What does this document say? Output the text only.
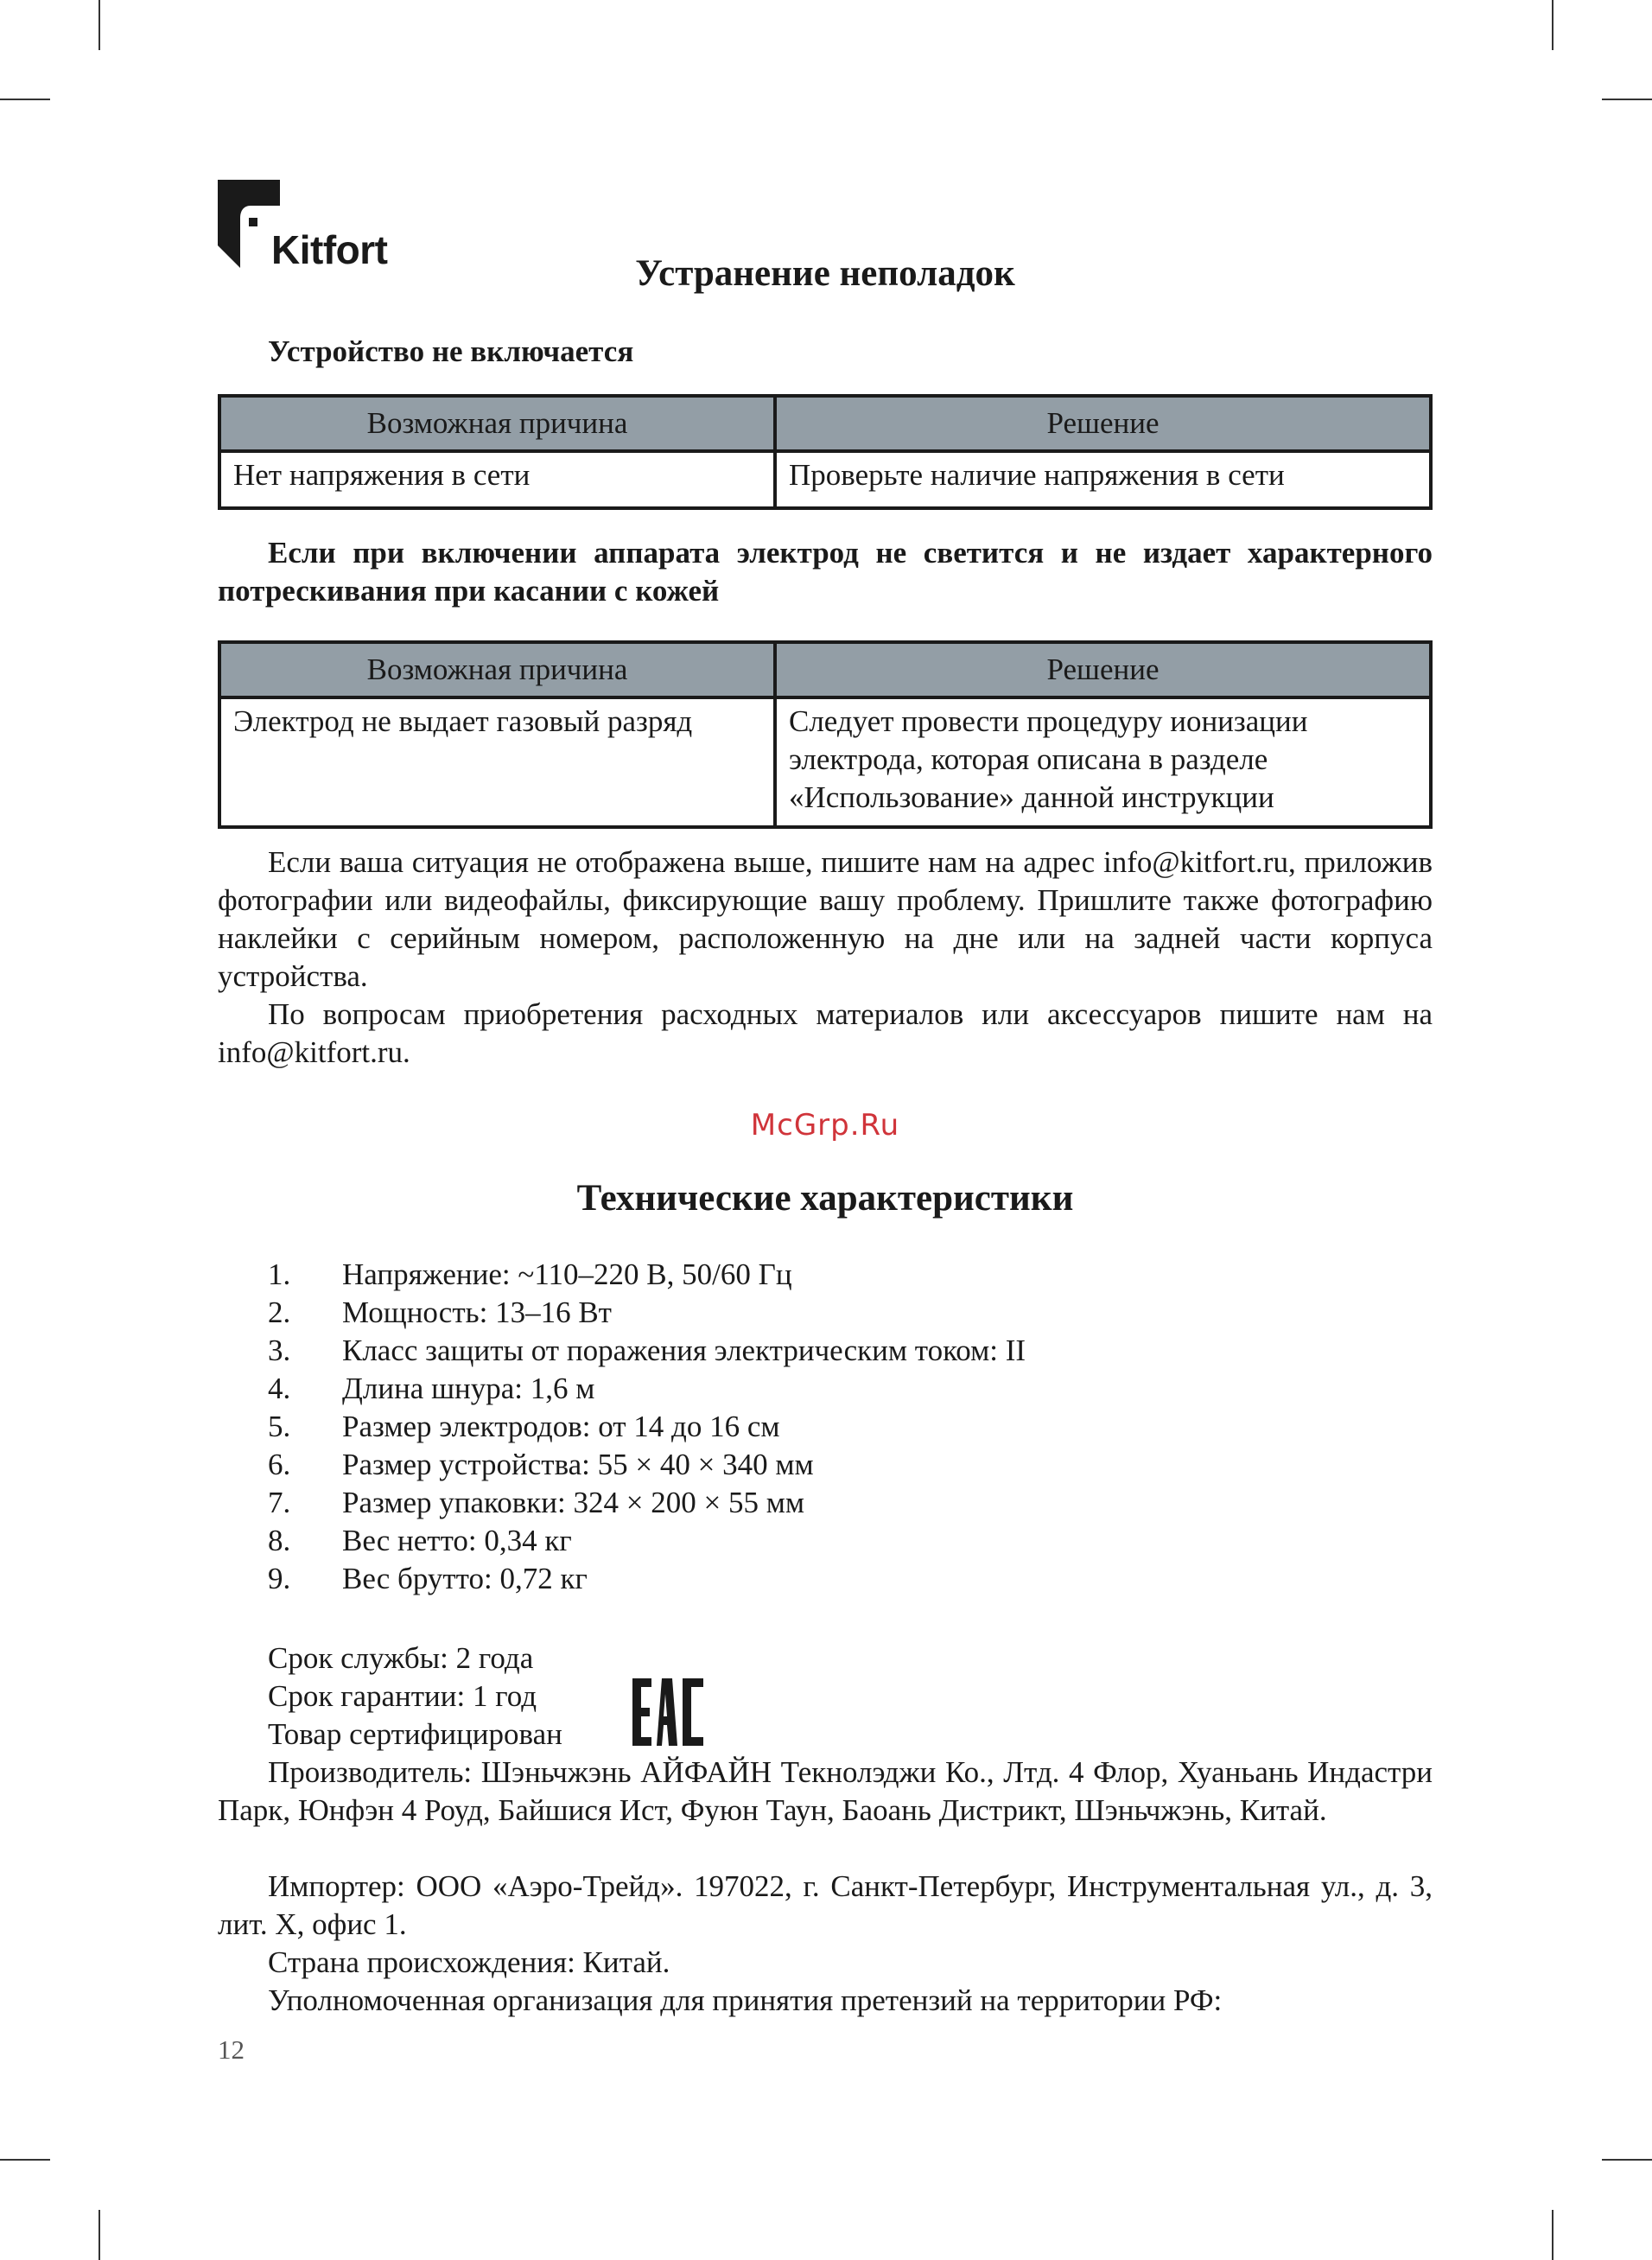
Kitfort
Устранение неполадок
Устройство не включается
Возможная причина	Решение
Нет напряжения в сети	Проверьте наличие напряжения в сети
Если при включении аппарата электрод не светится и не издает характерного потрескивания при касании с кожей
Возможная причина	Решение
Электрод не выдает газовый разряд	Следует провести процедуру ионизации электрода, которая описана в разделе «Использование» данной инструкции
Если ваша ситуация не отображена выше, пишите нам на адрес info@kitfort.ru, приложив фотографии или видеофайлы, фиксирующие вашу проблему. Пришлите также фотографию наклейки с серийным номером, расположенную на дне или на задней части корпуса устройства.
По вопросам приобретения расходных материалов или аксессуаров пишите нам на info@kitfort.ru.
McGrp.Ru
Технические характеристики
1.	Напряжение: ~110–220 В, 50/60 Гц
2.	Мощность: 13–16 Вт
3.	Класс защиты от поражения электрическим током: II
4.	Длина шнура: 1,6 м
5.	Размер электродов: от 14 до 16 см
6.	Размер устройства: 55 × 40 × 340 мм
7.	Размер упаковки: 324 × 200 × 55 мм
8.	Вес нетто: 0,34 кг
9.	Вес брутто: 0,72 кг
Срок службы: 2 года
Срок гарантии: 1 год
Товар сертифицирован
Производитель: Шэньчжэнь АЙФАЙН Текнолэджи Ко., Лтд. 4 Флор, Хуаньань Индастри Парк, Юнфэн 4 Роуд, Байшися Ист, Фуюн Таун, Баоань Дистрикт, Шэньчжэнь, Китай.
Импортер: ООО «Аэро-Трейд». 197022, г. Санкт-Петербург, Инструментальная ул., д. 3, лит. Х, офис 1.
Страна происхождения: Китай.
Уполномоченная организация для принятия претензий на территории РФ:
12
